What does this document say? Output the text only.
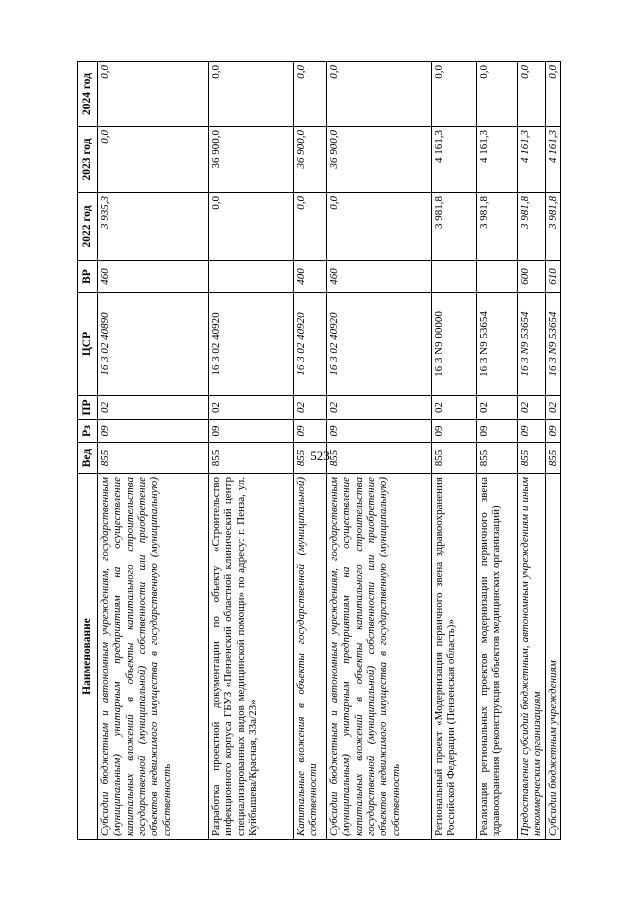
523
Наименование	Вед	Рз	ПР	ЦСР	ВР	2022 год	2023 год	2024 год
Субсидии бюджетным и автономным учреждениям, государственным (муниципальным) унитарным предприятиям на осуществление капитальных вложений в объекты капитального строительства государственной (муниципальной) собственности или приобретение объектов недвижимого имущества в государственную (муниципальную) собственность	855	09	02	16 3 02 40890	460	3 935,3	0,0	0,0
Разработка проектной документации по объекту «Строительство инфекционного корпуса ГБУЗ «Пензенский областной клинический центр специализированных видов медицинской помощи» по адресу: г. Пенза, ул. Куйбышева/Красная, 33а/23»	855	09	02	16 3 02 40920		0,0	36 900,0	0,0
Капитальные вложения в объекты государственной (муниципальной) собственности	855	09	02	16 3 02 40920	400	0,0	36 900,0	0,0
Субсидии бюджетным и автономным учреждениям, государственным (муниципальным) унитарным предприятиям на осуществление капитальных вложений в объекты капитального строительства государственной (муниципальной) собственности или приобретение объектов недвижимого имущества в государственную (муниципальную) собственность	855	09	02	16 3 02 40920	460	0,0	36 900,0	0,0
Региональный проект «Модернизация первичного звена здравоохранения Российской Федерации (Пензенская область)»	855	09	02	16 3 N9 00000		3 981,8	4 161,3	0,0
Реализация региональных проектов модернизации первичного звена здравоохранения (реконструкция объектов медицинских организаций)	855	09	02	16 3 N9 53654		3 981,8	4 161,3	0,0
Предоставление субсидий бюджетным, автономным учреждениям и иным некоммерческим организациям	855	09	02	16 3 N9 53654	600	3 981,8	4 161,3	0,0
Субсидии бюджетным учреждениям	855	09	02	16 3 N9 53654	610	3 981,8	4 161,3	0,0
